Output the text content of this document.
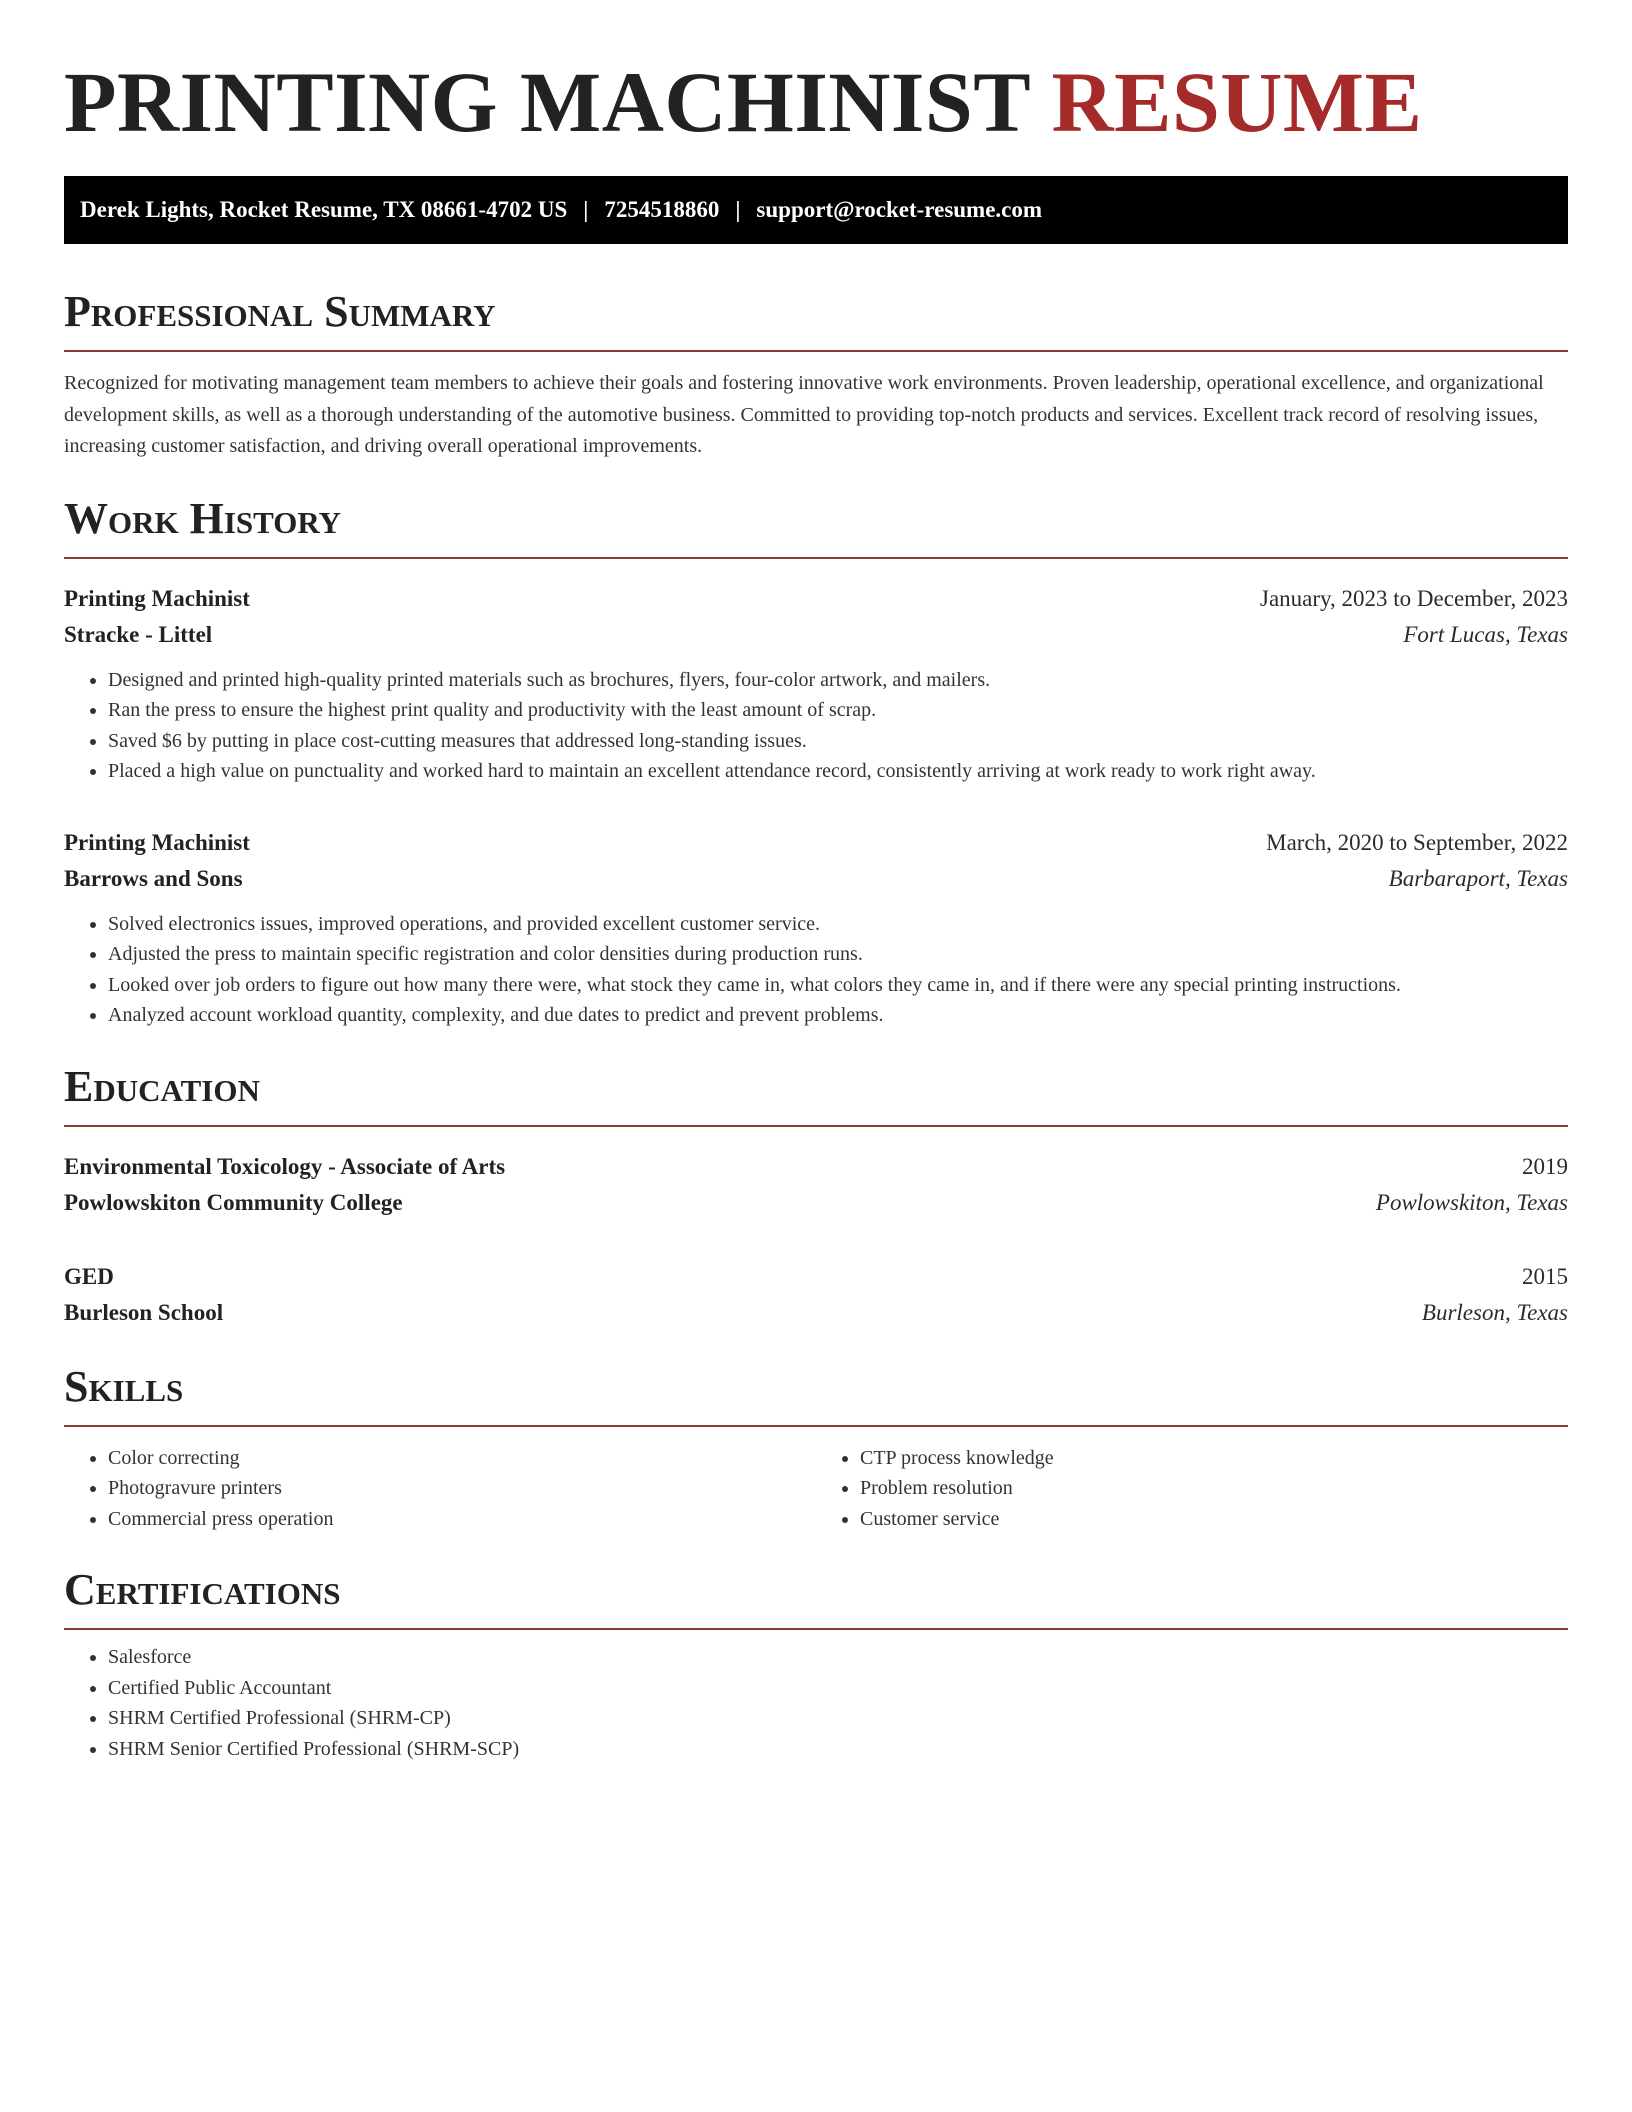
PRINTING MACHINIST RESUME
Derek Lights, Rocket Resume, TX 08661-4702 US | 7254518860 | support@rocket-resume.com
Professional Summary

Recognized for motivating management team members to achieve their goals and fostering innovative work environments. Proven leadership, operational excellence, and organizational development skills, as well as a thorough understanding of the automotive business. Committed to providing top-notch products and services. Excellent track record of resolving issues, increasing customer satisfaction, and driving overall operational improvements.

Work History
Printing Machinist	January, 2023 to December, 2023
Stracke - Littel	Fort Lucas, Texas
• Designed and printed high-quality printed materials such as brochures, flyers, four-color artwork, and mailers.
• Ran the press to ensure the highest print quality and productivity with the least amount of scrap.
• Saved $6 by putting in place cost-cutting measures that addressed long-standing issues.
• Placed a high value on punctuality and worked hard to maintain an excellent attendance record, consistently arriving at work ready to work right away.
Printing Machinist	March, 2020 to September, 2022
Barrows and Sons	Barbaraport, Texas
• Solved electronics issues, improved operations, and provided excellent customer service.
• Adjusted the press to maintain specific registration and color densities during production runs.
• Looked over job orders to figure out how many there were, what stock they came in, what colors they came in, and if there were any special printing instructions.
• Analyzed account workload quantity, complexity, and due dates to predict and prevent problems.
Education
Environmental Toxicology - Associate of Arts	2019
Powlowskiton Community College	Powlowskiton, Texas
GED	2015
Burleson School	Burleson, Texas
Skills
• Color correcting
• Photogravure printers
• Commercial press operation
• CTP process knowledge
• Problem resolution
• Customer service
Certifications
• Salesforce
• Certified Public Accountant
• SHRM Certified Professional (SHRM-CP)
• SHRM Senior Certified Professional (SHRM-SCP)
